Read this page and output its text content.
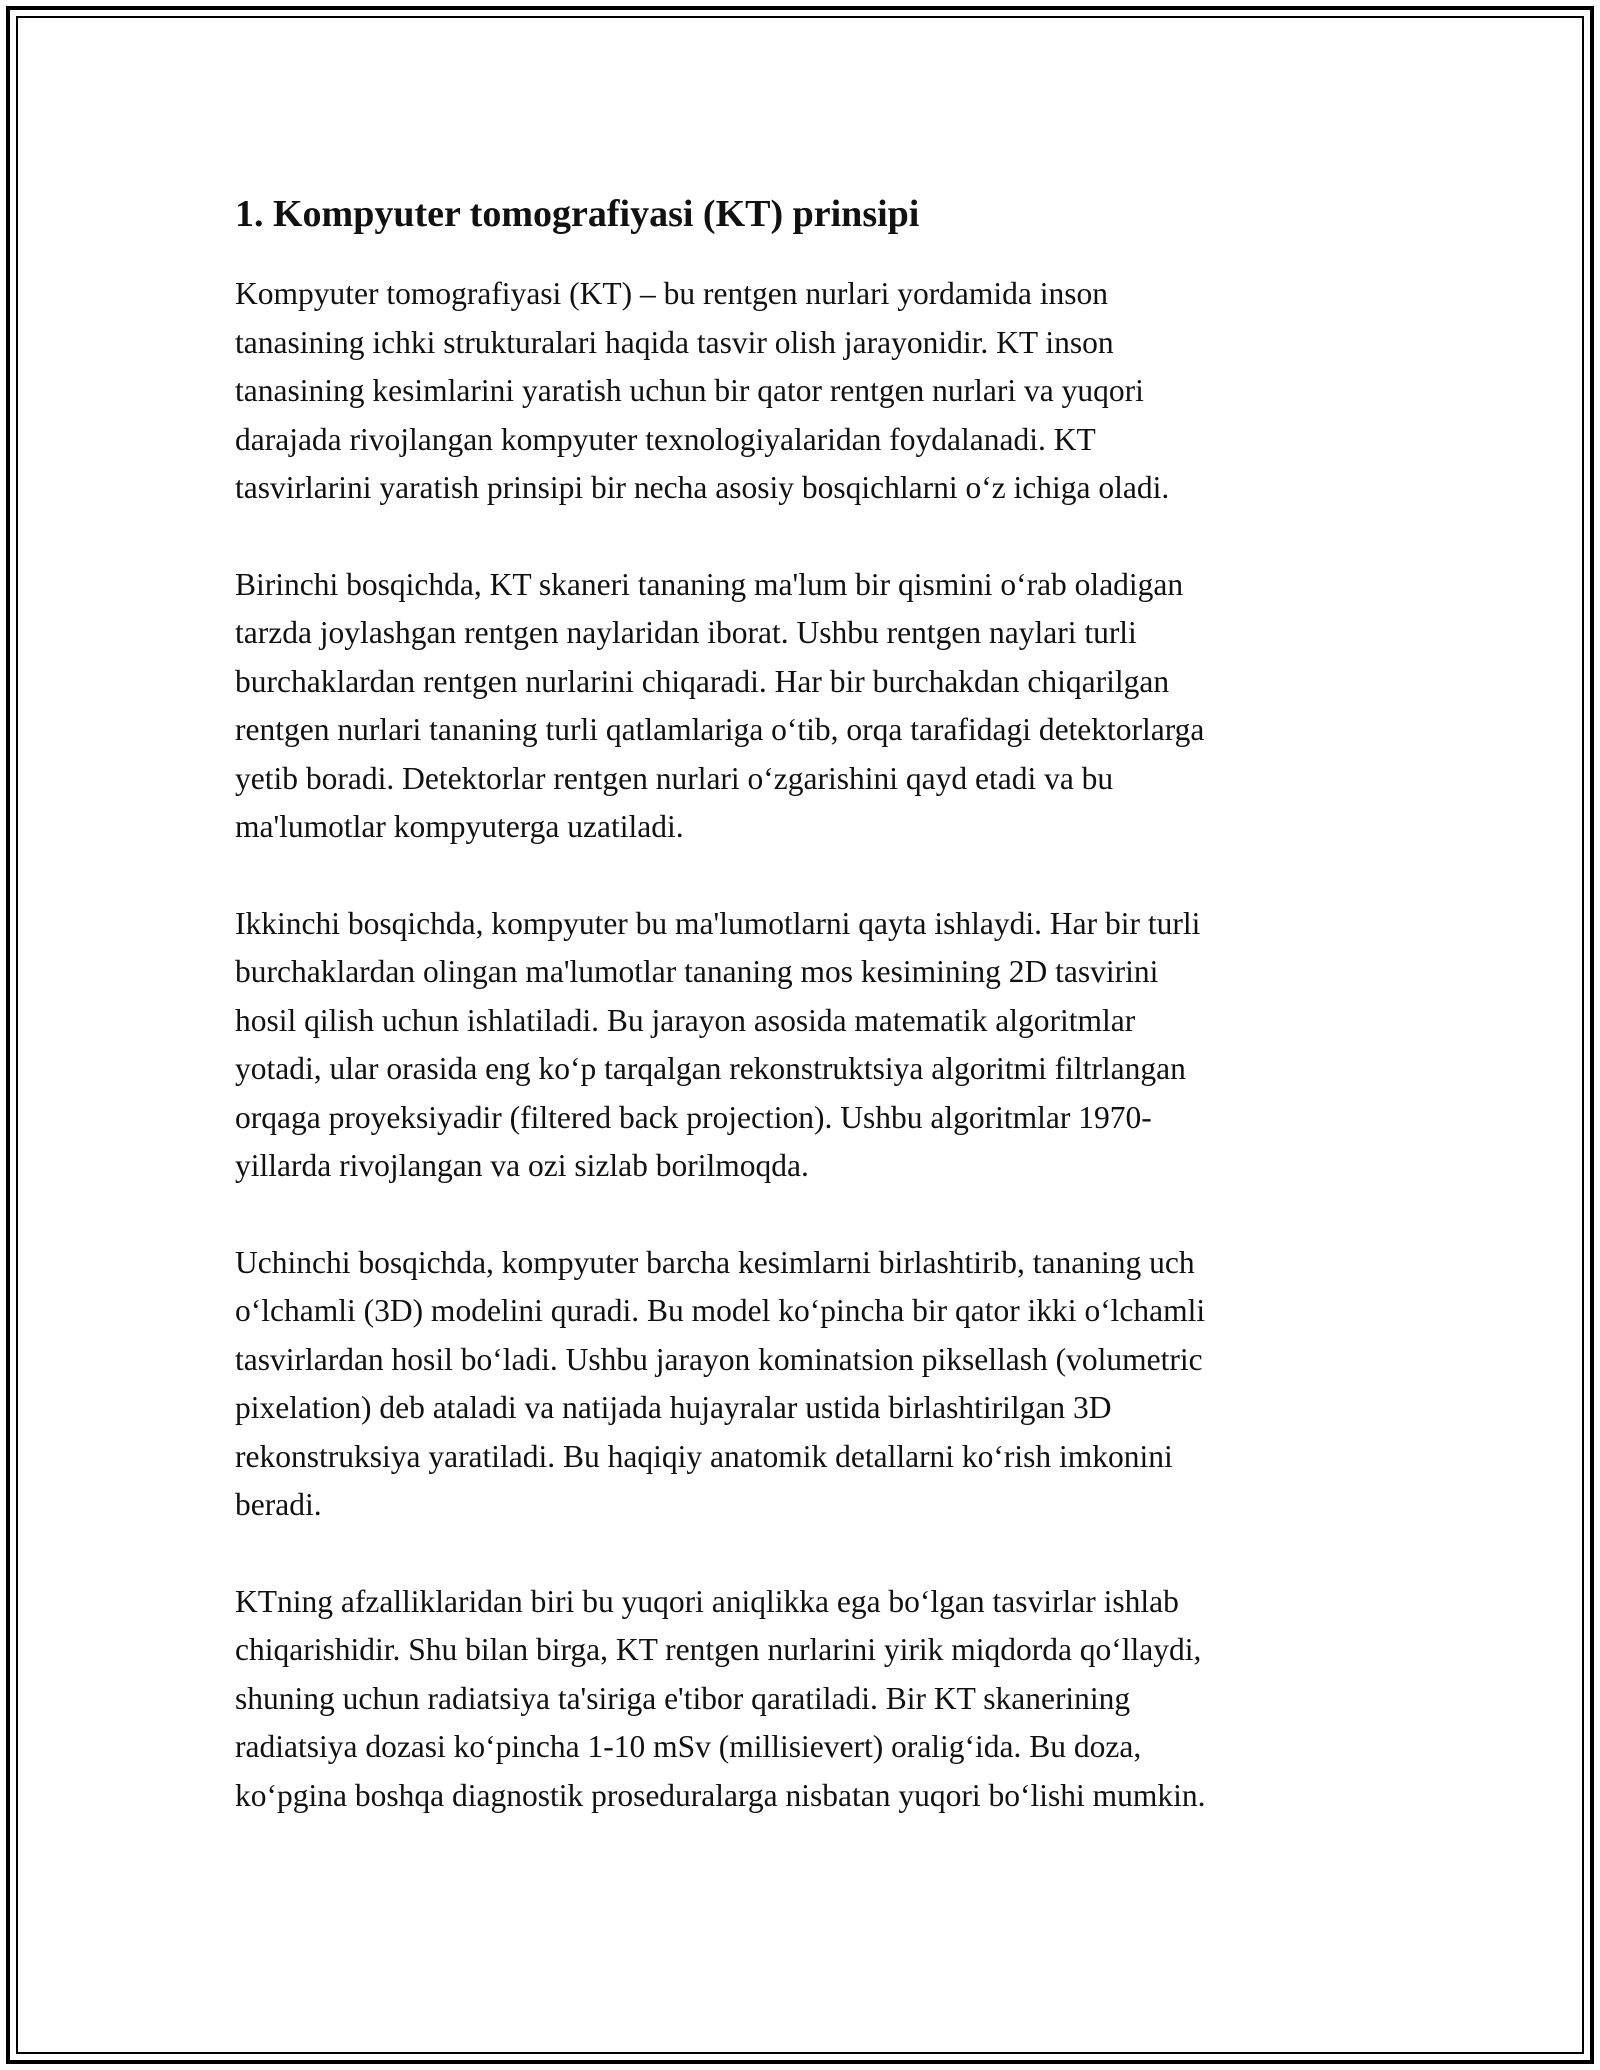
1. Kompyuter tomografiyasi (KT) prinsipi

Kompyuter tomografiyasi (KT) – bu rentgen nurlari yordamida inson
tanasining ichki strukturalari haqida tasvir olish jarayonidir. KT inson
tanasining kesimlarini yaratish uchun bir qator rentgen nurlari va yuqori
darajada rivojlangan kompyuter texnologiyalaridan foydalanadi. KT
tasvirlarini yaratish prinsipi bir necha asosiy bosqichlarni oʻz ichiga oladi.

Birinchi bosqichda, KT skaneri tananing ma'lum bir qismini oʻrab oladigan
tarzda joylashgan rentgen naylaridan iborat. Ushbu rentgen naylari turli
burchaklardan rentgen nurlarini chiqaradi. Har bir burchakdan chiqarilgan
rentgen nurlari tananing turli qatlamlariga oʻtib, orqa tarafidagi detektorlarga
yetib boradi. Detektorlar rentgen nurlari oʻzgarishini qayd etadi va bu
ma'lumotlar kompyuterga uzatiladi.

Ikkinchi bosqichda, kompyuter bu ma'lumotlarni qayta ishlaydi. Har bir turli
burchaklardan olingan ma'lumotlar tananing mos kesimining 2D tasvirini
hosil qilish uchun ishlatiladi. Bu jarayon asosida matematik algoritmlar
yotadi, ular orasida eng koʻp tarqalgan rekonstruktsiya algoritmi filtrlangan
orqaga proyeksiyadir (filtered back projection). Ushbu algoritmlar 1970-
yillarda rivojlangan va ozi sizlab borilmoqda.

Uchinchi bosqichda, kompyuter barcha kesimlarni birlashtirib, tananing uch
oʻlchamli (3D) modelini quradi. Bu model koʻpincha bir qator ikki oʻlchamli
tasvirlardan hosil boʻladi. Ushbu jarayon kominatsion piksellash (volumetric
pixelation) deb ataladi va natijada hujayralar ustida birlashtirilgan 3D
rekonstruksiya yaratiladi. Bu haqiqiy anatomik detallarni koʻrish imkonini
beradi.

KTning afzalliklaridan biri bu yuqori aniqlikka ega boʻlgan tasvirlar ishlab
chiqarishidir. Shu bilan birga, KT rentgen nurlarini yirik miqdorda qoʻllaydi,
shuning uchun radiatsiya ta'siriga e'tibor qaratiladi. Bir KT skanerining
radiatsiya dozasi koʻpincha 1-10 mSv (millisievert) oraligʻida. Bu doza,
koʻpgina boshqa diagnostik proseduralarga nisbatan yuqori boʻlishi mumkin.
